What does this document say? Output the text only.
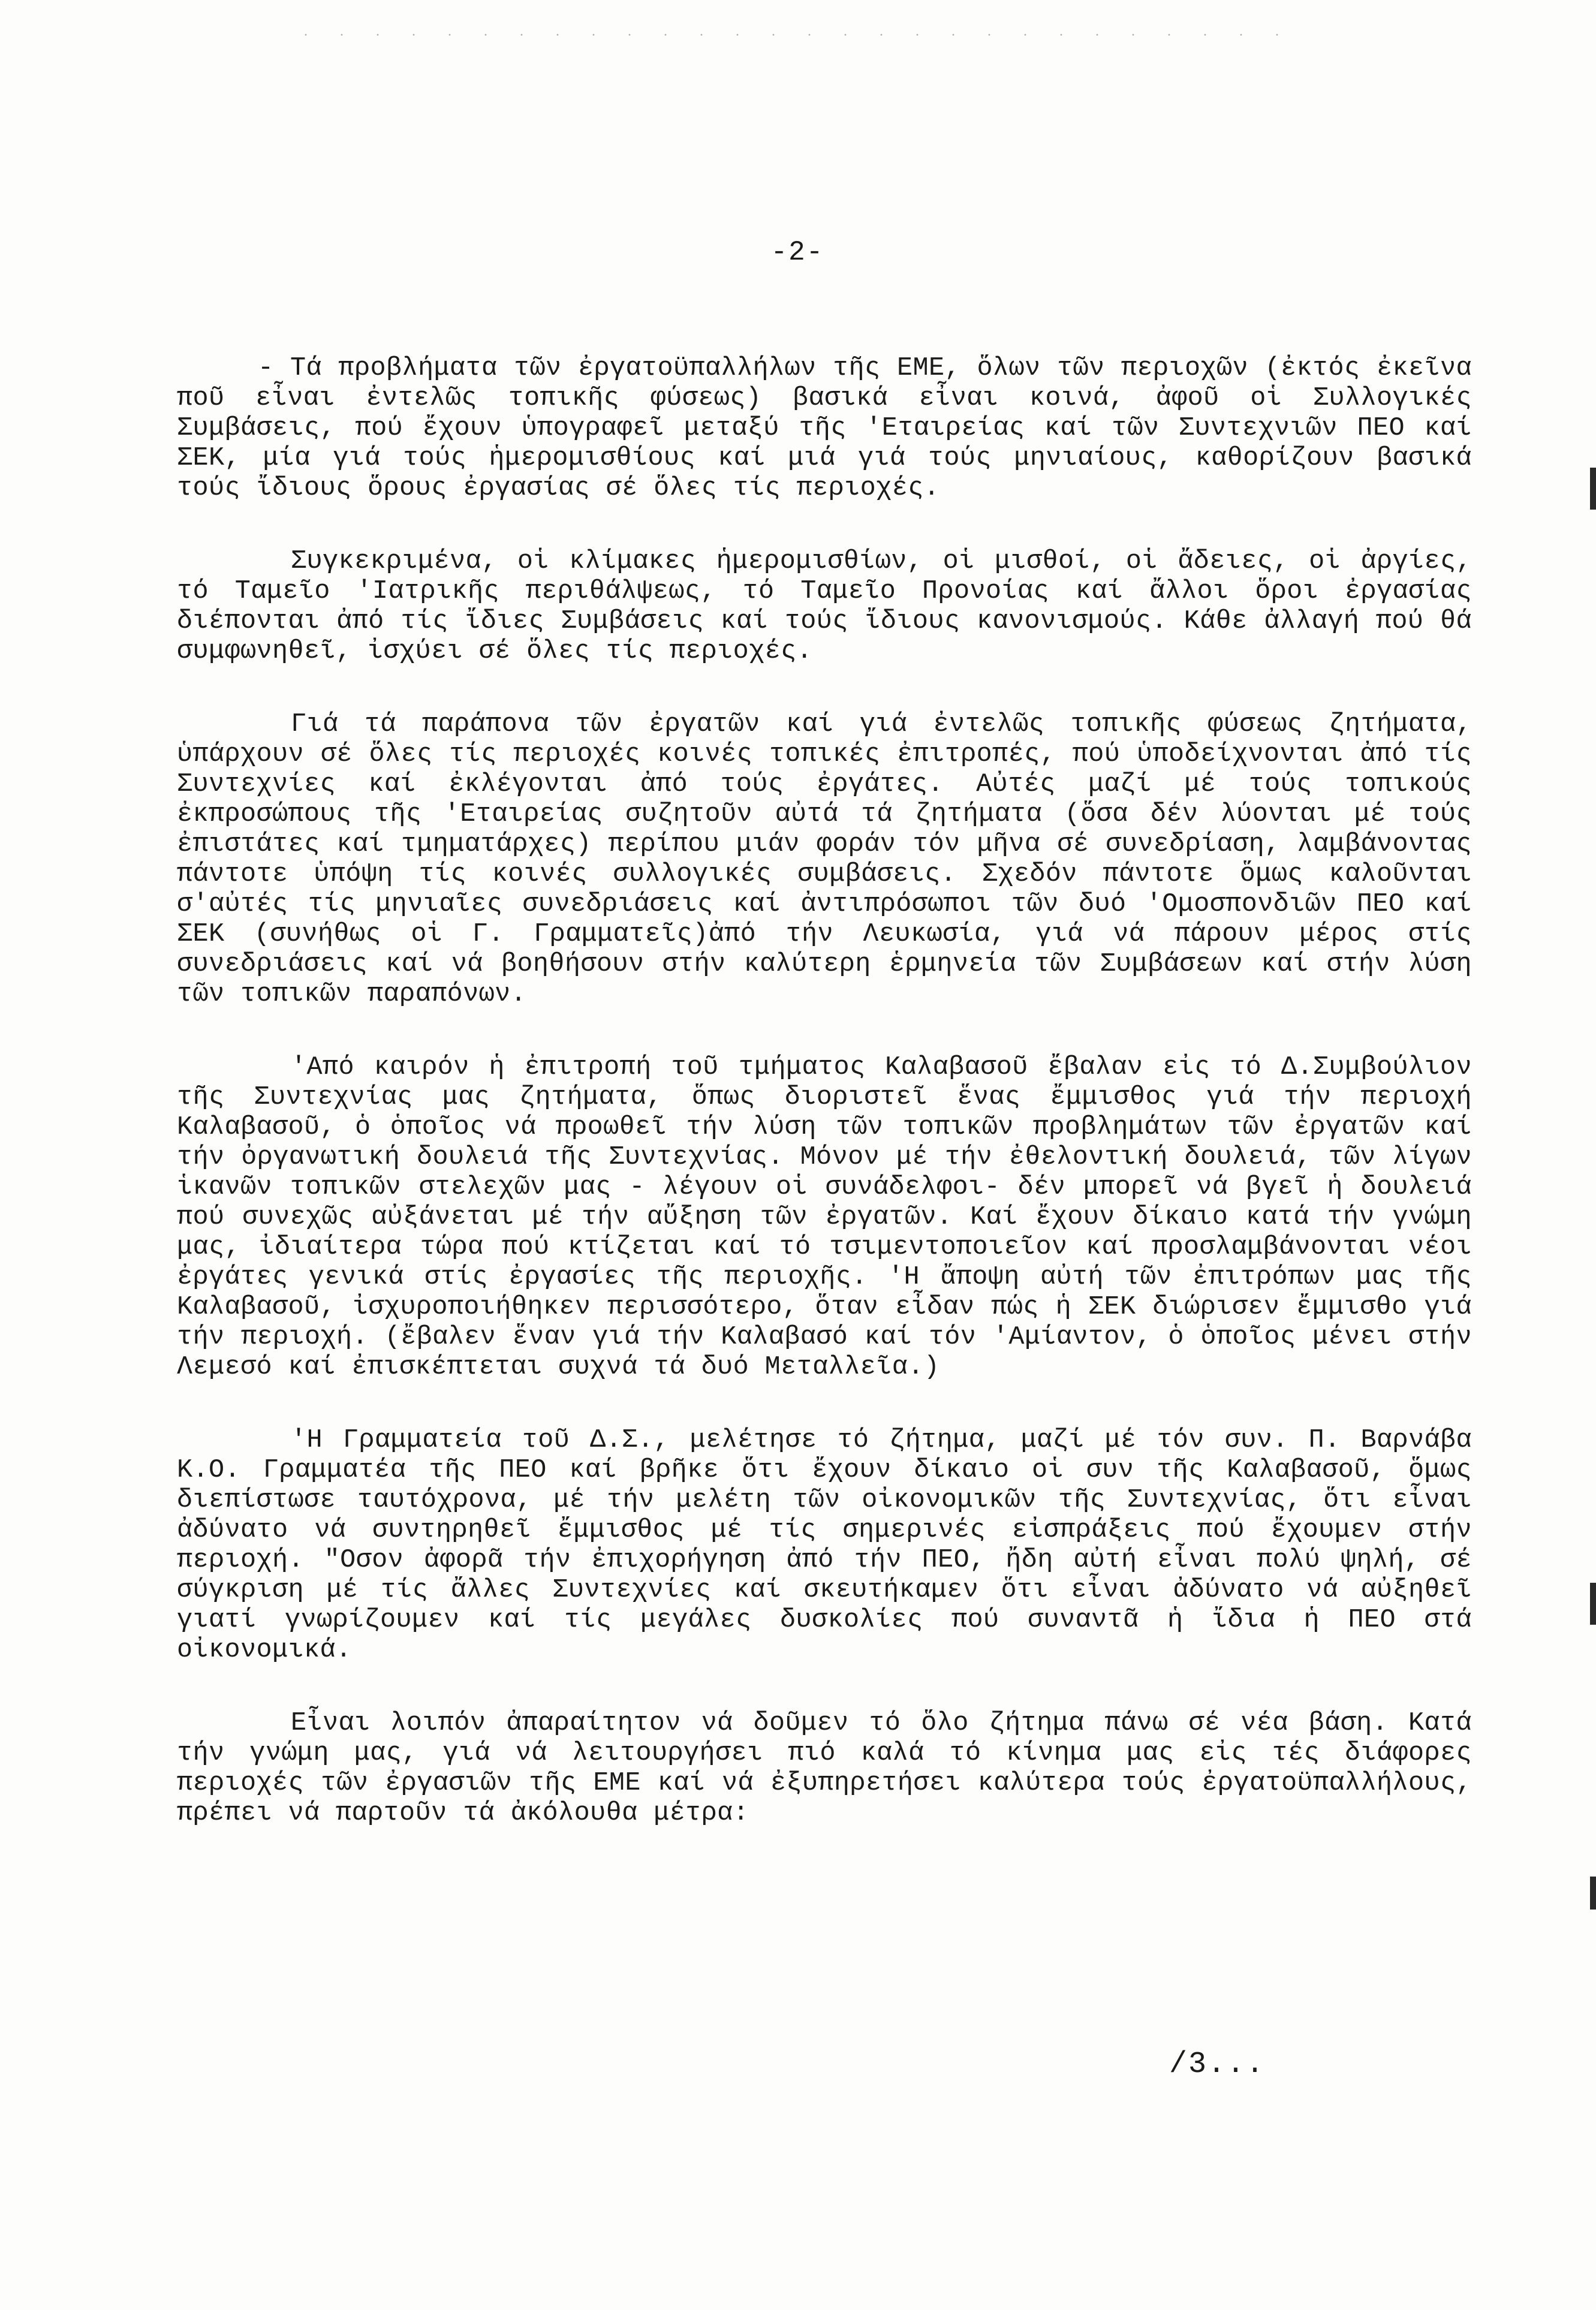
-2-

- Τά προβλήματα τῶν ἐργατοϋπαλλήλων τῆς ΕΜΕ, ὅλων τῶν περιοχῶν (ἐκτός ἐκεῖνα ποῦ εἶναι ἐντελῶς τοπικῆς φύσεως) βασικά εἶναι κοινά, ἀφοῦ οἱ Συλλογικές Συμβάσεις, πού ἔχουν ὑπογραφεῖ μεταξύ τῆς 'Εταιρείας καί τῶν Συντεχνιῶν ΠΕΟ καί ΣΕΚ, μία γιά τούς ἡμερομισθίους καί μιά γιά τούς μηνιαίους, καθορίζουν βασικά τούς ἴδιους ὅρους ἐργασίας σέ ὅλες τίς περιοχές.

Συγκεκριμένα, οἱ κλίμακες ἡμερομισθίων, οἱ μισθοί, οἱ ἄδειες, οἱ ἀργίες, τό Ταμεῖο 'Ιατρικῆς περιθάλψεως, τό Ταμεῖο Προνοίας καί ἄλλοι ὅροι ἐργασίας διέπονται ἀπό τίς ἴδιες Συμβάσεις καί τούς ἴδιους κανονισμούς. Κάθε ἀλλαγή πού θά συμφωνηθεῖ, ἰσχύει σέ ὅλες τίς περιοχές.

Γιά τά παράπονα τῶν ἐργατῶν καί γιά ἐντελῶς τοπικῆς φύσεως ζητήματα, ὑπάρχουν σέ ὅλες τίς περιοχές κοινές τοπικές ἐπιτροπές, πού ὑποδείχνονται ἀπό τίς Συντεχνίες καί ἐκλέγονται ἀπό τούς ἐργάτες. Αὐτές μαζί μέ τούς τοπικούς ἐκπροσώπους τῆς 'Εταιρείας συζητοῦν αὐτά τά ζητήματα (ὅσα δέν λύονται μέ τούς ἐπιστάτες καί τμηματάρχες) περίπου μιάν φοράν τόν μῆνα σέ συνεδρίαση, λαμβάνοντας πάντοτε ὑπόψη τίς κοινές συλλογικές συμβάσεις. Σχεδόν πάντοτε ὅμως καλοῦνται σ'αὐτές τίς μηνιαῖες συνεδριάσεις καί ἀντιπρόσωποι τῶν δυό 'Ομοσπονδιῶν ΠΕΟ καί ΣΕΚ (συνήθως οἱ Γ. Γραμματεῖς)ἀπό τήν Λευκωσία, γιά νά πάρουν μέρος στίς συνεδριάσεις καί νά βοηθήσουν στήν καλύτερη ἑρμηνεία τῶν Συμβάσεων καί στήν λύση τῶν τοπικῶν παραπόνων.

'Από καιρόν ἡ ἐπιτροπή τοῦ τμήματος Καλαβασοῦ ἔβαλαν εἰς τό Δ.Συμβούλιον τῆς Συντεχνίας μας ζητήματα, ὅπως διοριστεῖ ἕνας ἔμμισθος γιά τήν περιοχή Καλαβασοῦ, ὁ ὁποῖος νά προωθεῖ τήν λύση τῶν τοπικῶν προβλημάτων τῶν ἐργατῶν καί τήν ὀργανωτική δουλειά τῆς Συντεχνίας. Μόνον μέ τήν ἐθελοντική δουλειά, τῶν λίγων ἱκανῶν τοπικῶν στελεχῶν μας - λέγουν οἱ συνάδελφοι- δέν μπορεῖ νά βγεῖ ἡ δουλειά πού συνεχῶς αὐξάνεται μέ τήν αὔξηση τῶν ἐργατῶν. Καί ἔχουν δίκαιο κατά τήν γνώμη μας, ἰδιαίτερα τώρα πού κτίζεται καί τό τσιμεντοποιεῖον καί προσλαμβάνονται νέοι ἐργάτες γενικά στίς ἐργασίες τῆς περιοχῆς. 'Η ἄποψη αὐτή τῶν ἐπιτρόπων μας τῆς Καλαβασοῦ, ἰσχυροποιήθηκεν περισσότερο, ὅταν εἶδαν πώς ἡ ΣΕΚ διώρισεν ἔμμισθο γιά τήν περιοχή. (ἔβαλεν ἕναν γιά τήν Καλαβασό καί τόν 'Αμίαντον, ὁ ὁποῖος μένει στήν Λεμεσό καί ἐπισκέπτεται συχνά τά δυό Μεταλλεῖα.)

'Η Γραμματεία τοῦ Δ.Σ., μελέτησε τό ζήτημα, μαζί μέ τόν συν. Π. Βαρνάβα Κ.Ο. Γραμματέα τῆς ΠΕΟ καί βρῆκε ὅτι ἔχουν δίκαιο οἱ συν τῆς Καλαβασοῦ, ὅμως διεπίστωσε ταυτόχρονα, μέ τήν μελέτη τῶν οἰκονομικῶν τῆς Συντεχνίας, ὅτι εἶναι ἀδύνατο νά συντηρηθεῖ ἔμμισθος μέ τίς σημερινές εἰσπράξεις πού ἔχουμεν στήν περιοχή. "Οσον ἀφορᾶ τήν ἐπιχορήγηση ἀπό τήν ΠΕΟ, ἤδη αὐτή εἶναι πολύ ψηλή, σέ σύγκριση μέ τίς ἄλλες Συντεχνίες καί σκευτήκαμεν ὅτι εἶναι ἀδύνατο νά αὐξηθεῖ γιατί γνωρίζουμεν καί τίς μεγάλες δυσκολίες πού συναντᾶ ἡ ἴδια ἡ ΠΕΟ στά οἰκονομικά.

Εἶναι λοιπόν ἀπαραίτητον νά δοῦμεν τό ὅλο ζήτημα πάνω σέ νέα βάση. Κατά τήν γνώμη μας, γιά νά λειτουργήσει πιό καλά τό κίνημα μας εἰς τές διάφορες περιοχές τῶν ἐργασιῶν τῆς ΕΜΕ καί νά ἐξυπηρετήσει καλύτερα τούς ἐργατοϋπαλλήλους, πρέπει νά παρτοῦν τά ἀκόλουθα μέτρα:

/3...
